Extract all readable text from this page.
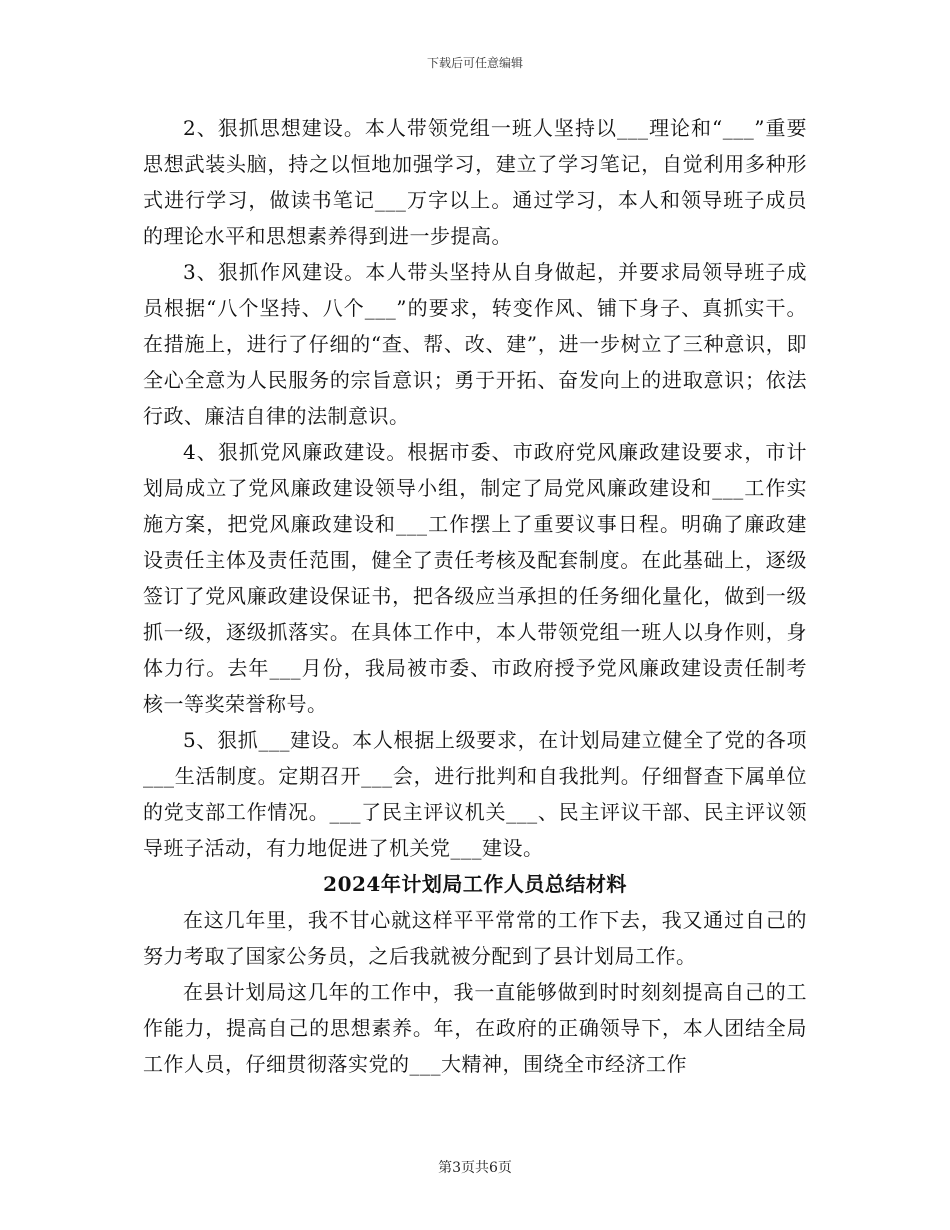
下载后可任意编辑

2、狠抓思想建设。本人带领党组一班人坚持以___理论和“___”重要思想武装头脑，持之以恒地加强学习，建立了学习笔记，自觉利用多种形式进行学习，做读书笔记___万字以上。通过学习，本人和领导班子成员的理论水平和思想素养得到进一步提高。

3、狠抓作风建设。本人带头坚持从自身做起，并要求局领导班子成员根据“八个坚持、八个___”的要求，转变作风、铺下身子、真抓实干。在措施上，进行了仔细的“查、帮、改、建”，进一步树立了三种意识，即全心全意为人民服务的宗旨意识；勇于开拓、奋发向上的进取意识；依法行政、廉洁自律的法制意识。

4、狠抓党风廉政建设。根据市委、市政府党风廉政建设要求，市计划局成立了党风廉政建设领导小组，制定了局党风廉政建设和___工作实施方案，把党风廉政建设和___工作摆上了重要议事日程。明确了廉政建设责任主体及责任范围，健全了责任考核及配套制度。在此基础上，逐级签订了党风廉政建设保证书，把各级应当承担的任务细化量化，做到一级抓一级，逐级抓落实。在具体工作中，本人带领党组一班人以身作则，身体力行。去年___月份，我局被市委、市政府授予党风廉政建设责任制考核一等奖荣誉称号。

5、狠抓___建设。本人根据上级要求，在计划局建立健全了党的各项___生活制度。定期召开___会，进行批判和自我批判。仔细督查下属单位的党支部工作情况。___了民主评议机关___、民主评议干部、民主评议领导班子活动，有力地促进了机关党___建设。

2024年计划局工作人员总结材料

在这几年里，我不甘心就这样平平常常的工作下去，我又通过自己的努力考取了国家公务员，之后我就被分配到了县计划局工作。

在县计划局这几年的工作中，我一直能够做到时时刻刻提高自己的工作能力，提高自己的思想素养。年，在政府的正确领导下，本人团结全局工作人员，仔细贯彻落实党的___大精神，围绕全市经济工作

第3页共6页
